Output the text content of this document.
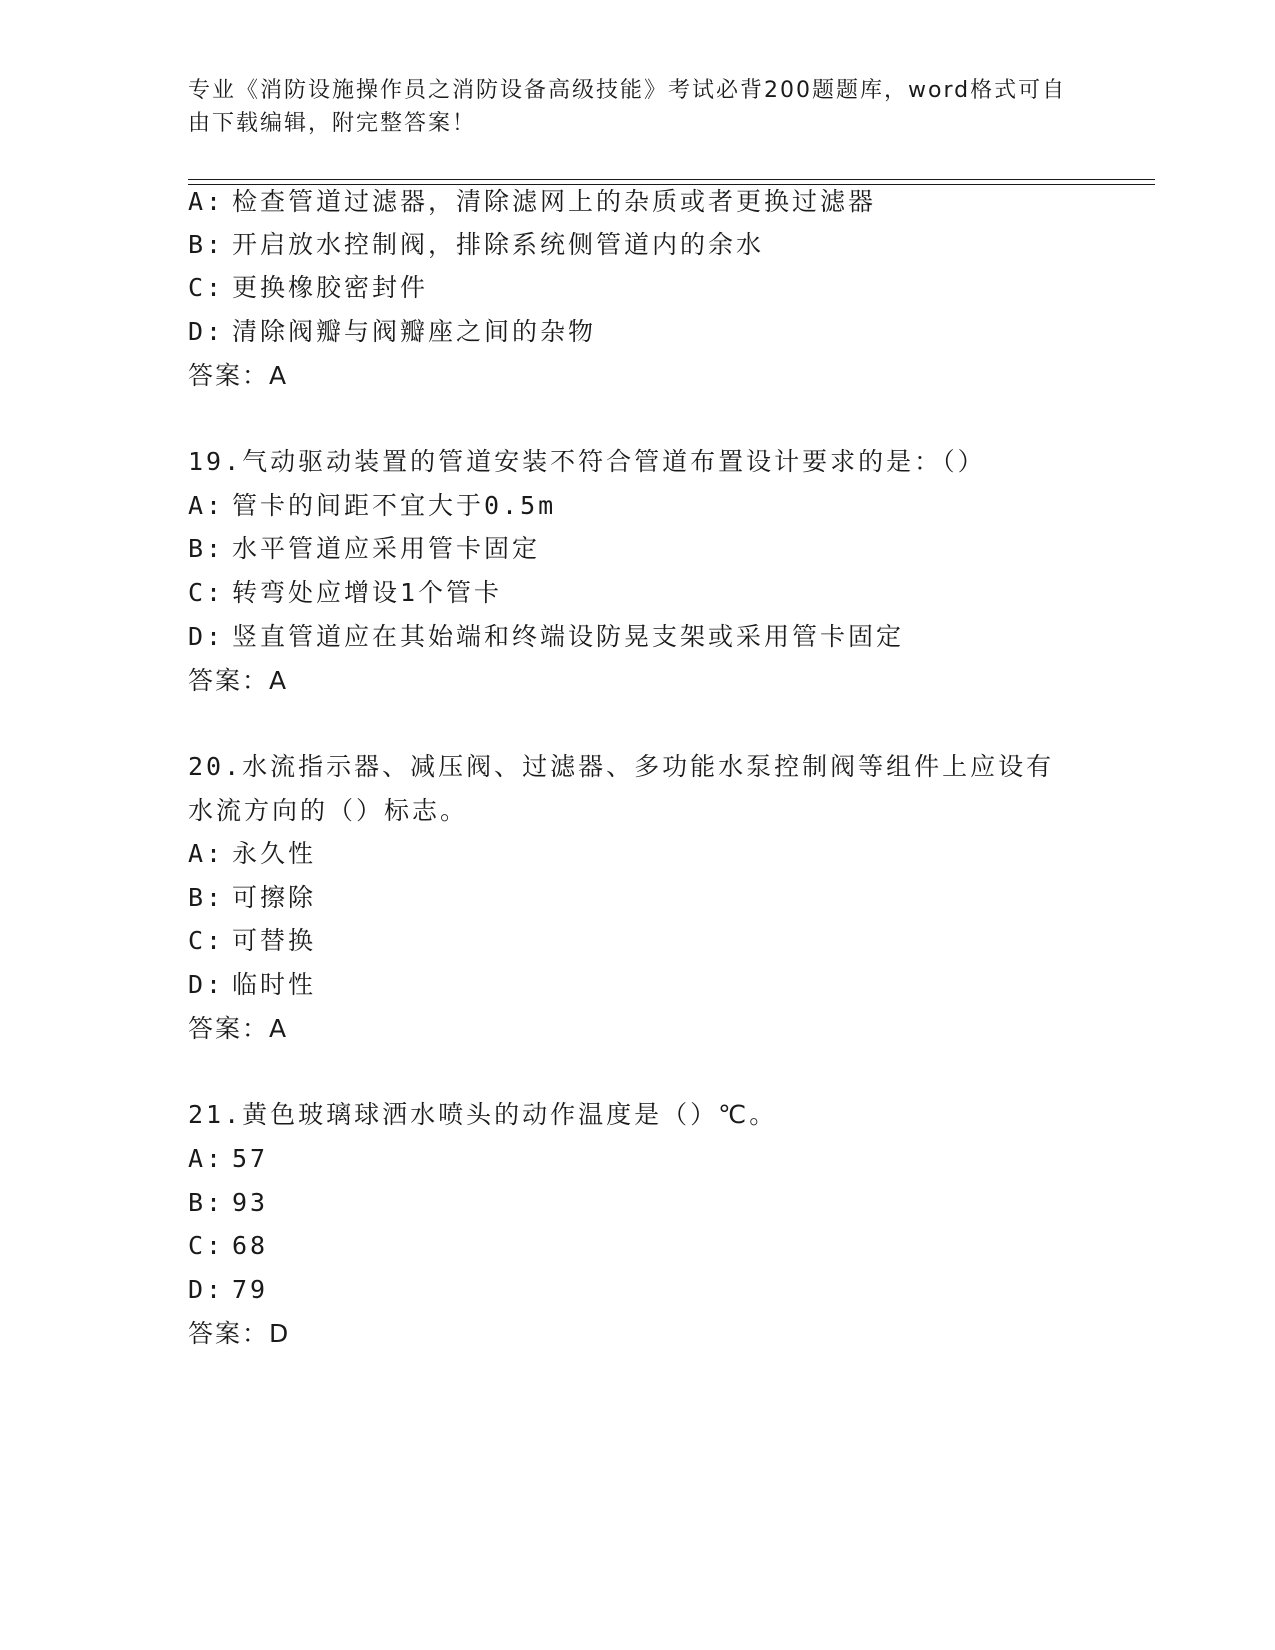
专业《消防设施操作员之消防设备高级技能》考试必背200题题库，word格式可自由下载编辑，附完整答案！
A: 检查管道过滤器，清除滤网上的杂质或者更换过滤器
B: 开启放水控制阀，排除系统侧管道内的余水
C: 更换橡胶密封件
D: 清除阀瓣与阀瓣座之间的杂物
答案：A
19.气动驱动装置的管道安装不符合管道布置设计要求的是：（）
A: 管卡的间距不宜大于0.5m
B: 水平管道应采用管卡固定
C: 转弯处应增设1个管卡
D: 竖直管道应在其始端和终端设防晃支架或采用管卡固定
答案：A
20.水流指示器、减压阀、过滤器、多功能水泵控制阀等组件上应设有
水流方向的（）标志。
A: 永久性
B: 可擦除
C: 可替换
D: 临时性
答案：A
21.黄色玻璃球洒水喷头的动作温度是（）℃。
A: 57
B: 93
C: 68
D: 79
答案：D
